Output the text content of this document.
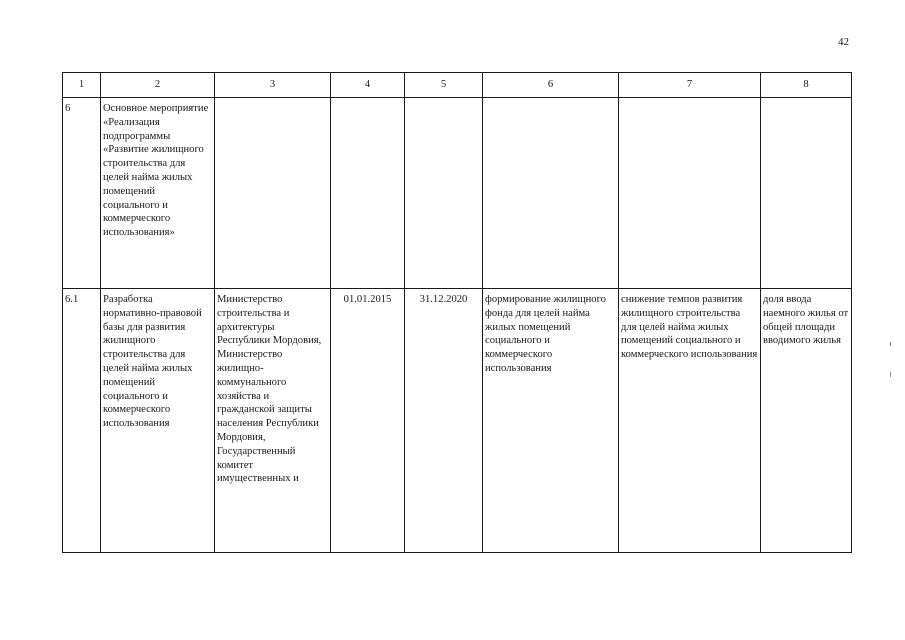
42
1	2	3	4	5	6	7	8
6	Основное мероприятие «Реализация подпрограммы «Развитие жилищного строительства для целей найма жилых помещений социального и коммерческого использования»						
6.1	Разработка нормативно-правовой базы для развития жилищного строительства для целей найма жилых помещений социального и коммерческого использования	Министерство строительства и архитектуры Республики Мордовия, Министерство жилищно-коммунального хозяйства и гражданской защиты населения Республики Мордовия, Государственный комитет имущественных и	01.01.2015	31.12.2020	формирование жилищного фонда для целей найма жилых помещений социального и коммерческого использования	снижение темпов развития жилищного строительства для целей найма жилых помещений социального и коммерческого использования	доля ввода наемного жилья от общей площади вводимого жилья
